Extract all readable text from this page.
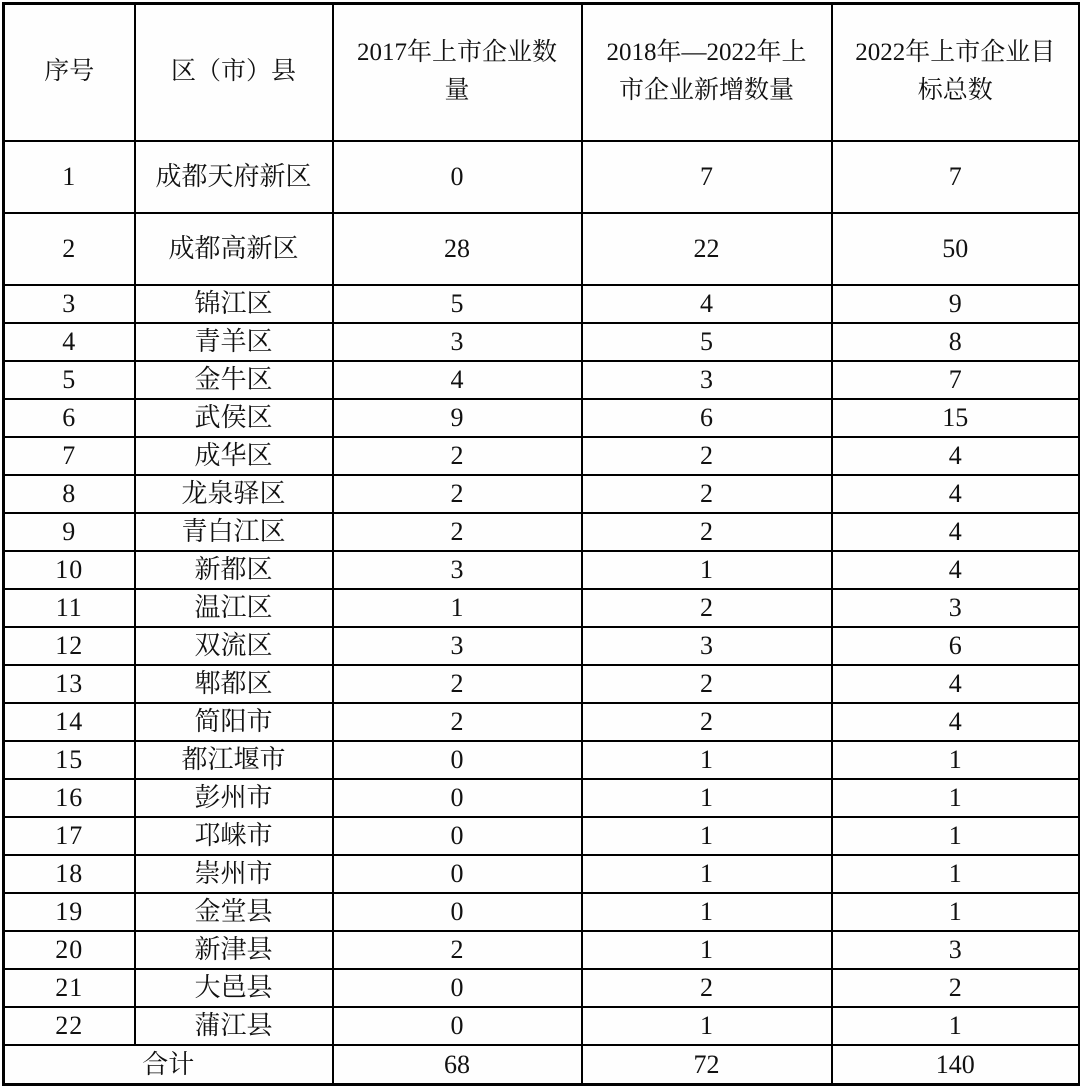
序号	区（市）县	2017年上市企业数量	2018年—2022年上市企业新增数量	2022年上市企业目标总数
1	成都天府新区	0	7	7
2	成都高新区	28	22	50
3	锦江区	5	4	9
4	青羊区	3	5	8
5	金牛区	4	3	7
6	武侯区	9	6	15
7	成华区	2	2	4
8	龙泉驿区	2	2	4
9	青白江区	2	2	4
10	新都区	3	1	4
11	温江区	1	2	3
12	双流区	3	3	6
13	郫都区	2	2	4
14	简阳市	2	2	4
15	都江堰市	0	1	1
16	彭州市	0	1	1
17	邛崃市	0	1	1
18	崇州市	0	1	1
19	金堂县	0	1	1
20	新津县	2	1	3
21	大邑县	0	2	2
22	蒲江县	0	1	1
合计		68	72	140
